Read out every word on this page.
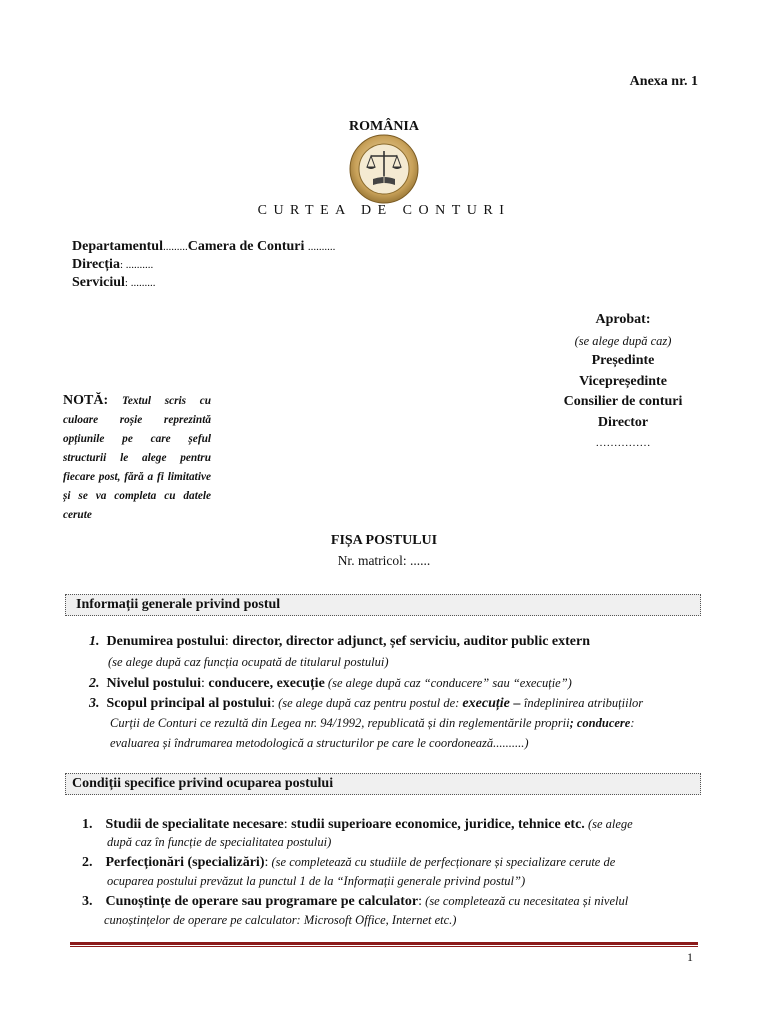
Anexa nr. 1
ROMÂNIA
CURTEA DE CONTURI
Departamentul.........Camera de Conturi ..........
Direcția: ..........
Serviciul: .........
Aprobat:
(se alege după caz)
Președinte
Vicepreședinte
Consilier de conturi
Director
……………
NOTĂ: Textul scris cu culoare roșie reprezintă opțiunile pe care șeful structurii le alege pentru fiecare post, fără a fi limitative și se va completa cu datele cerute
FIȘA POSTULUI
Nr. matricol: ......
Informații generale privind postul
1. Denumirea postului: director, director adjunct, șef serviciu, auditor public extern
(se alege după caz funcția ocupată de titularul postului)
2. Nivelul postului: conducere, execuție (se alege după caz “conducere” sau “execuție”)
3. Scopul principal al postului: (se alege după caz pentru postul de: execuție – îndeplinirea atribuțiilor
Curții de Conturi ce rezultă din Legea nr. 94/1992, republicată și din reglementările proprii; conducere:
evaluarea și îndrumarea metodologică a structurilor pe care le coordonează..........)
Condiții specifice privind ocuparea postului
1. Studii de specialitate necesare: studii superioare economice, juridice, tehnice etc. (se alege
după caz în funcție de specialitatea postului)
2. Perfecționări (specializări): (se completează cu studiile de perfecționare și specializare cerute de
ocuparea postului prevăzut la punctul 1 de la “Informații generale privind postul”)
3. Cunoștințe de operare sau programare pe calculator: (se completează cu necesitatea și nivelul
cunoștințelor de operare pe calculator: Microsoft Office, Internet etc.)
1
